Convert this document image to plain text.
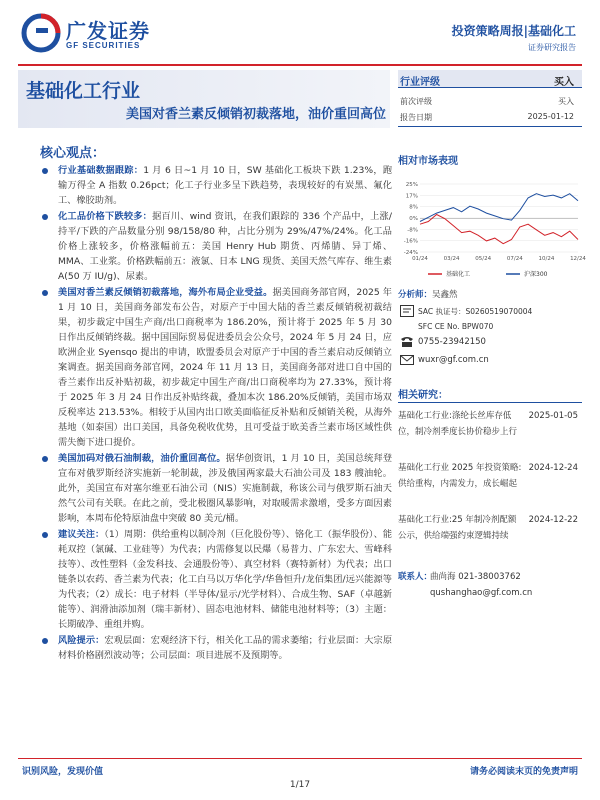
广发证券
GF SECURITIES
投资策略周报|基础化工
证券研究报告
基础化工行业
美国对香兰素反倾销初裁落地，油价重回高位
核心观点：

行业基础数据跟踪：1 月 6 日~1 月 10 日，SW 基础化工板块下跌 1.23%，跑输万得全 A 指数 0.26pct；化工子行业多呈下跌趋势，表现较好的有炭黑、氟化工、橡胶助剂。

化工品价格下跌较多：据百川、wind 资讯，在我们跟踪的 336 个产品中，上涨/持平/下跌的产品数量分别 98/158/80 种，占比分别为 29%/47%/24%。化工品价格上涨较多，价格涨幅前五：美国 Henry Hub 期货、丙烯腈、异丁烯、MMA、工业浆。价格跌幅前五：液氯、日本 LNG 现货、美国天然气库存、维生素 A(50 万 IU/g)、尿素。

美国对香兰素反倾销初裁落地，海外布局企业受益。据美国商务部官网，2025 年 1 月 10 日，美国商务部发布公告，对原产于中国大陆的香兰素反倾销税初裁结果，初步裁定中国生产商/出口商税率为 186.20%，预计将于 2025 年 5 月 30 日作出反倾销终裁。据中国国际贸易促进委员会公众号，2024 年 5 月 24 日，应欧洲企业 Syensqo 提出的申请，欧盟委员会对原产于中国的香兰素启动反倾销立案调查。据美国商务部官网，2024 年 11 月 13 日，美国商务部对进口自中国的香兰素作出反补贴初裁，初步裁定中国生产商/出口商税率均为 27.33%，预计将于 2025 年 3 月 24 日作出反补贴终裁，叠加本次 186.20%反倾销，美国市场双反税率达 213.53%。相较于从国内出口欧美面临征反补贴和反倾销关税，从海外基地（如泰国）出口美国，具备免税收优势，且可受益于欧美香兰素市场区域性供需失衡下进口提价。

美国加码对俄石油制裁，油价重回高位。据华创资讯，1 月 10 日，美国总统拜登宣布对俄罗斯经济实施新一轮制裁，涉及俄国两家最大石油公司及 183 艘油轮。此外，美国宣布对塞尔维亚石油公司（NIS）实施制裁，称该公司与俄罗斯石油天然气公司有关联。在此之前，受北极圈风暴影响，对取暖需求激增，受多方面因素影响，本周布伦特原油盘中突破 80 美元/桶。

建议关注：（1）周期：供给重构以制冷剂（巨化股份等）、铬化工（振华股份）、能耗双控（氯碱、工业硅等）为代表；内需修复以民爆（易普力、广东宏大、雪峰科技等）、改性塑料（金发科技、会通股份等）、真空材料（赛特新材）为代表；出口链条以农药、香兰素为代表；化工白马以万华化学/华鲁恒升/龙佰集团/远兴能源等为代表；（2）成长：电子材料（半导体/显示/光学材料）、合成生物、SAF（卓越新能等）、润滑油添加剂（瑞丰新材）、固态电池材料、储能电池材料等；（3）主题：长期破净、重组并购。

风险提示：宏观层面：宏观经济下行，相关化工品的需求萎缩；行业层面：大宗原材料价格剧烈波动等；公司层面：项目进展不及预期等。

行业评级	买入
前次评级	买入
报告日期	2025-01-12
相对市场表现
25%
17%
8%
0%
-8%
-16%
-24%
01/24	03/24	05/24	07/24	10/24	12/24
基础化工	沪深300
分析师： 吴鑫然
SAC 执证号：S0260519070004
SFC CE No. BPW070
0755-23942150
wuxr@gf.com.cn
相关研究：
基础化工行业:涤纶长丝库存低位，制冷剂季度长协价稳步上行
2025-01-05
基础化工行业 2025 年投资策略:供给重构，内需发力，成长崛起
2024-12-24
基础化工行业:25 年制冷剂配额公示，供给端强约束逻辑持续
2024-12-22
联系人：
曲尚海 021-38003762
qushanghao@gf.com.cn
识别风险，发现价值	请务必阅读末页的免责声明
1/17
